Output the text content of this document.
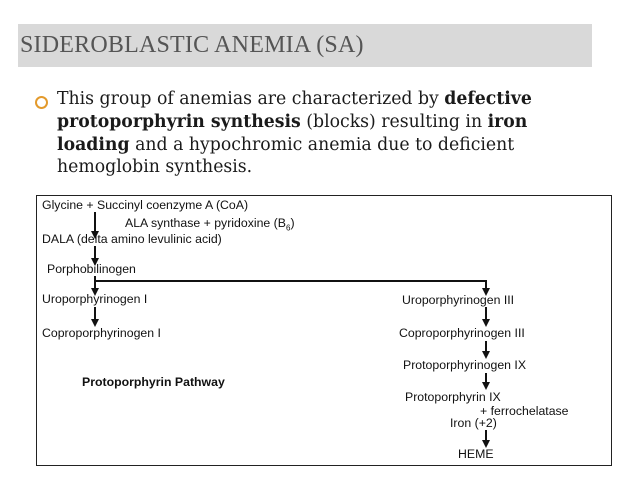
SIDEROBLASTIC ANEMIA (SA)
This group of anemias are characterized by defective protoporphyrin synthesis (blocks) resulting in iron loading and a hypochromic anemia due to deficient hemoglobin synthesis.
Glycine + Succinyl coenzyme A (CoA)
ALA synthase + pyridoxine $(B_6)$
DALA (delta amino levulinic acid)
Porphobilinogen
Uroporphyrinogen I	Uroporphyrinogen III
Coproporphyrinogen I	Coproporphyrinogen III
Protoporphyrinogen IX
Protoporphyrin Pathway
Protoporphyrin IX
+ ferrochelatase
Iron (+2)
HEME
